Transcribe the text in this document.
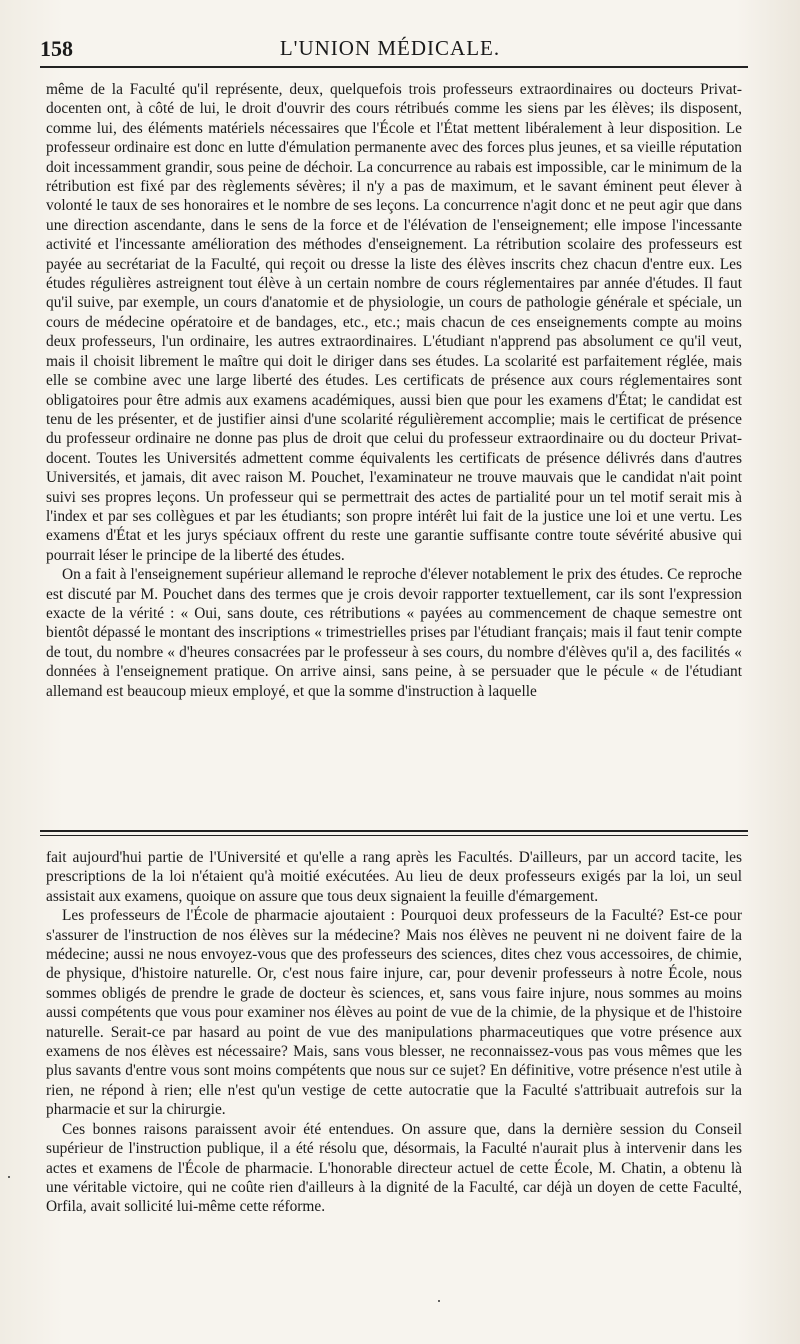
158	L'UNION MÉDICALE.

même de la Faculté qu'il représente, deux, quelquefois trois professeurs extraordinaires ou docteurs Privat-docenten ont, à côté de lui, le droit d'ouvrir des cours rétribués comme les siens par les élèves; ils disposent, comme lui, des éléments matériels nécessaires que l'École et l'État mettent libéralement à leur disposition. Le professeur ordinaire est donc en lutte d'émulation permanente avec des forces plus jeunes, et sa vieille réputation doit incessamment grandir, sous peine de déchoir. La concurrence au rabais est impossible, car le minimum de la rétribution est fixé par des règlements sévères; il n'y a pas de maximum, et le savant éminent peut élever à volonté le taux de ses honoraires et le nombre de ses leçons. La concurrence n'agit donc et ne peut agir que dans une direction ascendante, dans le sens de la force et de l'élévation de l'enseignement; elle impose l'incessante activité et l'incessante amélioration des méthodes d'enseignement. La rétribution scolaire des professeurs est payée au secrétariat de la Faculté, qui reçoit ou dresse la liste des élèves inscrits chez chacun d'entre eux. Les études régulières astreignent tout élève à un certain nombre de cours réglementaires par année d'études. Il faut qu'il suive, par exemple, un cours d'anatomie et de physiologie, un cours de pathologie générale et spéciale, un cours de médecine opératoire et de bandages, etc., etc.; mais chacun de ces enseignements compte au moins deux professeurs, l'un ordinaire, les autres extraordinaires. L'étudiant n'apprend pas absolument ce qu'il veut, mais il choisit librement le maître qui doit le diriger dans ses études. La scolarité est parfaitement réglée, mais elle se combine avec une large liberté des études. Les certificats de présence aux cours réglementaires sont obligatoires pour être admis aux examens académiques, aussi bien que pour les examens d'État; le candidat est tenu de les présenter, et de justifier ainsi d'une scolarité régulièrement accomplie; mais le certificat de présence du professeur ordinaire ne donne pas plus de droit que celui du professeur extraordinaire ou du docteur Privat-docent. Toutes les Universités admettent comme équivalents les certificats de présence délivrés dans d'autres Universités, et jamais, dit avec raison M. Pouchet, l'examinateur ne trouve mauvais que le candidat n'ait point suivi ses propres leçons. Un professeur qui se permettrait des actes de partialité pour un tel motif serait mis à l'index et par ses collègues et par les étudiants; son propre intérêt lui fait de la justice une loi et une vertu. Les examens d'État et les jurys spéciaux offrent du reste une garantie suffisante contre toute sévérité abusive qui pourrait léser le principe de la liberté des études.

On a fait à l'enseignement supérieur allemand le reproche d'élever notablement le prix des études. Ce reproche est discuté par M. Pouchet dans des termes que je crois devoir rapporter textuellement, car ils sont l'expression exacte de la vérité : « Oui, sans doute, ces rétributions « payées au commencement de chaque semestre ont bientôt dépassé le montant des inscriptions « trimestrielles prises par l'étudiant français; mais il faut tenir compte de tout, du nombre « d'heures consacrées par le professeur à ses cours, du nombre d'élèves qu'il a, des facilités « données à l'enseignement pratique. On arrive ainsi, sans peine, à se persuader que le pécule « de l'étudiant allemand est beaucoup mieux employé, et que la somme d'instruction à laquelle

fait aujourd'hui partie de l'Université et qu'elle a rang après les Facultés. D'ailleurs, par un accord tacite, les prescriptions de la loi n'étaient qu'à moitié exécutées. Au lieu de deux professeurs exigés par la loi, un seul assistait aux examens, quoique on assure que tous deux signaient la feuille d'émargement.

Les professeurs de l'École de pharmacie ajoutaient : Pourquoi deux professeurs de la Faculté? Est-ce pour s'assurer de l'instruction de nos élèves sur la médecine? Mais nos élèves ne peuvent ni ne doivent faire de la médecine; aussi ne nous envoyez-vous que des professeurs des sciences, dites chez vous accessoires, de chimie, de physique, d'histoire naturelle. Or, c'est nous faire injure, car, pour devenir professeurs à notre École, nous sommes obligés de prendre le grade de docteur ès sciences, et, sans vous faire injure, nous sommes au moins aussi compétents que vous pour examiner nos élèves au point de vue de la chimie, de la physique et de l'histoire naturelle. Serait-ce par hasard au point de vue des manipulations pharmaceutiques que votre présence aux examens de nos élèves est nécessaire? Mais, sans vous blesser, ne reconnaissez-vous pas vous mêmes que les plus savants d'entre vous sont moins compétents que nous sur ce sujet? En définitive, votre présence n'est utile à rien, ne répond à rien; elle n'est qu'un vestige de cette autocratie que la Faculté s'attribuait autrefois sur la pharmacie et sur la chirurgie.

Ces bonnes raisons paraissent avoir été entendues. On assure que, dans la dernière session du Conseil supérieur de l'instruction publique, il a été résolu que, désormais, la Faculté n'aurait plus à intervenir dans les actes et examens de l'École de pharmacie. L'honorable directeur actuel de cette École, M. Chatin, a obtenu là une véritable victoire, qui ne coûte rien d'ailleurs à la dignité de la Faculté, car déjà un doyen de cette Faculté, Orfila, avait sollicité lui-même cette réforme.
